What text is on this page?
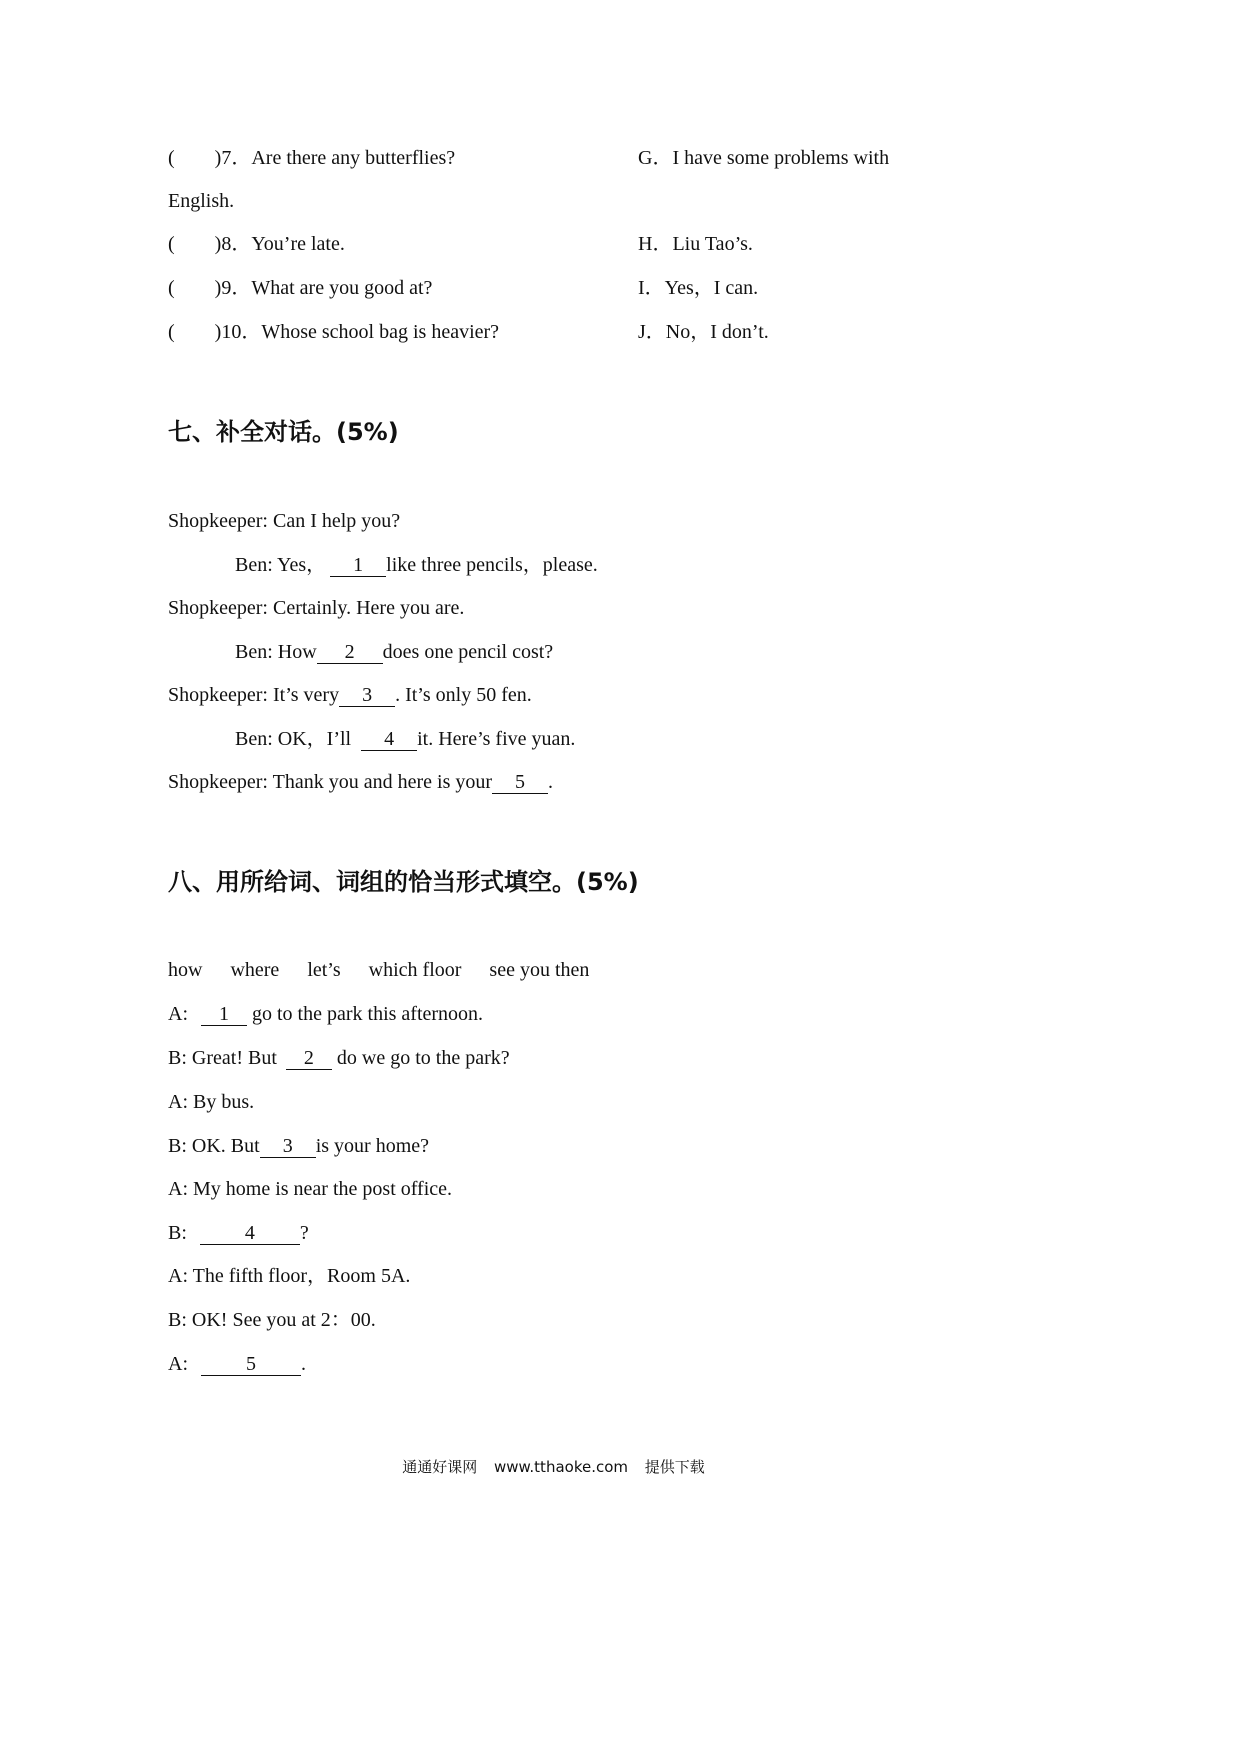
( )7．Are there any butterflies?	G．I have some problems with
English.
( )8．You’re late.	H．Liu Tao’s.
( )9．What are you good at?	I．Yes，I can.
( )10．Whose school bag is heavier?	J．No，I don’t.
七、补全对话。(5%)
Shopkeeper: Can I help you?
Ben: Yes， 1 like three pencils，please.
Shopkeeper: Certainly. Here you are.
Ben: How 2 does one pencil cost?
Shopkeeper: It’s very 3 . It’s only 50 fen.
Ben: OK，I’ll 4 it. Here’s five yuan.
Shopkeeper: Thank you and here is your 5 .
八、用所给词、词组的恰当形式填空。(5%)
how where let’s which floor see you then
A: 1 go to the park this afternoon.
B: Great! But 2 do we go to the park?
A: By bus.
B: OK. But 3 is your home?
A: My home is near the post office.
B:	4 ?
A: The fifth floor，Room 5A.
B: OK! See you at 2：00.
A:	5 .
通通好课网 www.tthaoke.com 提供下载
